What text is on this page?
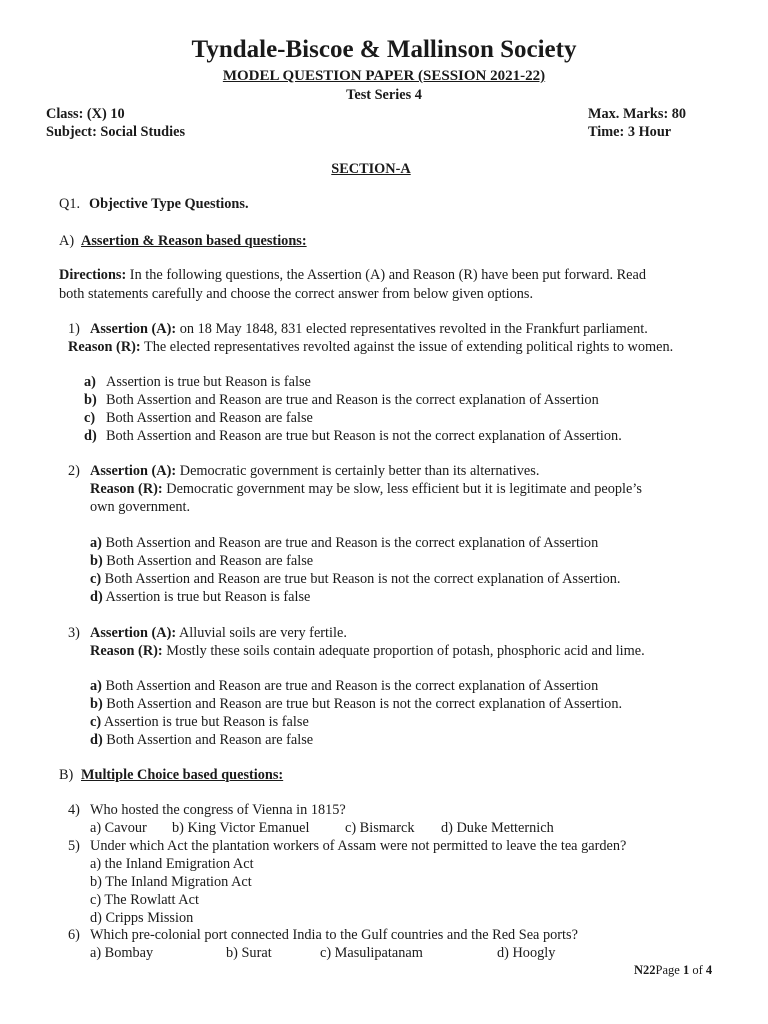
Tyndale-Biscoe & Mallinson Society
MODEL QUESTION PAPER (SESSION 2021-22)
Test Series 4
Class: (X) 10
Subject: Social Studies
Max. Marks: 80
Time: 3 Hour
SECTION-A
Q1. Objective Type Questions.
A) Assertion & Reason based questions:
Directions: In the following questions, the Assertion (A) and Reason (R) have been put forward. Read
both statements carefully and choose the correct answer from below given options.
1) Assertion (A): on 18 May 1848, 831 elected representatives revolted in the Frankfurt parliament.
Reason (R): The elected representatives revolted against the issue of extending political rights to women.
a) Assertion is true but Reason is false
b) Both Assertion and Reason are true and Reason is the correct explanation of Assertion
c) Both Assertion and Reason are false
d) Both Assertion and Reason are true but Reason is not the correct explanation of Assertion.
2) Assertion (A): Democratic government is certainly better than its alternatives.
Reason (R): Democratic government may be slow, less efficient but it is legitimate and people’s
own government.
a) Both Assertion and Reason are true and Reason is the correct explanation of Assertion
b) Both Assertion and Reason are false
c) Both Assertion and Reason are true but Reason is not the correct explanation of Assertion.
d) Assertion is true but Reason is false
3) Assertion (A): Alluvial soils are very fertile.
Reason (R): Mostly these soils contain adequate proportion of potash, phosphoric acid and lime.
a) Both Assertion and Reason are true and Reason is the correct explanation of Assertion
b) Both Assertion and Reason are true but Reason is not the correct explanation of Assertion.
c) Assertion is true but Reason is false
d) Both Assertion and Reason are false
B) Multiple Choice based questions:
4) Who hosted the congress of Vienna in 1815?
a) Cavour b) King Victor Emanuel c) Bismarck d) Duke Metternich
5) Under which Act the plantation workers of Assam were not permitted to leave the tea garden?
a) the Inland Emigration Act
b) The Inland Migration Act
c) The Rowlatt Act
d) Cripps Mission
6) Which pre-colonial port connected India to the Gulf countries and the Red Sea ports?
a) Bombay	b) Surat	c) Masulipatanam	d) Hoogly
N22Page 1 of 4
